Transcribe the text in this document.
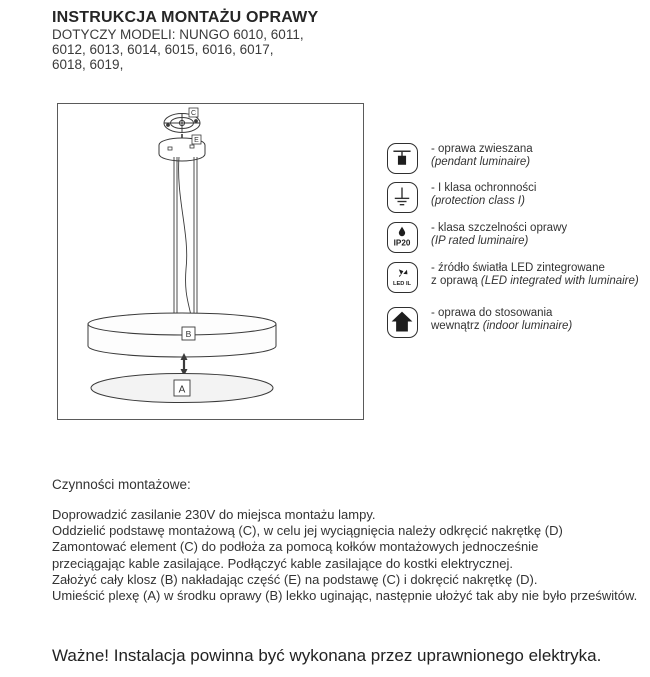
INSTRUKCJA MONTAŻU OPRAWY
DOTYCZY MODELI: NUNGO 6010, 6011,
6012, 6013, 6014, 6015, 6016, 6017,
6018, 6019,
C
E
B
A
- oprawa zwieszana
(pendant luminaire)
- I klasa ochronności
(protection class I)
IP20
- klasa szczelności oprawy
(IP rated luminaire)
LED IL
- źródło światła LED zintegrowane
z oprawą (LED integrated with luminaire)
- oprawa do stosowania
wewnątrz (indoor luminaire)
Czynności montażowe:
Doprowadzić zasilanie 230V do miejsca montażu lampy.
Oddzielić podstawę montażową (C), w celu jej wyciągnięcia należy odkręcić nakrętkę (D)
Zamontować element (C) do podłoża za pomocą kołków montażowych jednocześnie
przeciągając kable zasilające. Podłączyć kable zasilające do kostki elektrycznej.
Założyć cały klosz (B) nakładając część (E) na podstawę (C) i dokręcić nakrętkę (D).
Umieścić plexę (A) w środku oprawy (B) lekko uginając, następnie ułożyć tak aby nie było prześwitów.
Ważne! Instalacja powinna być wykonana przez uprawnionego elektryka.
